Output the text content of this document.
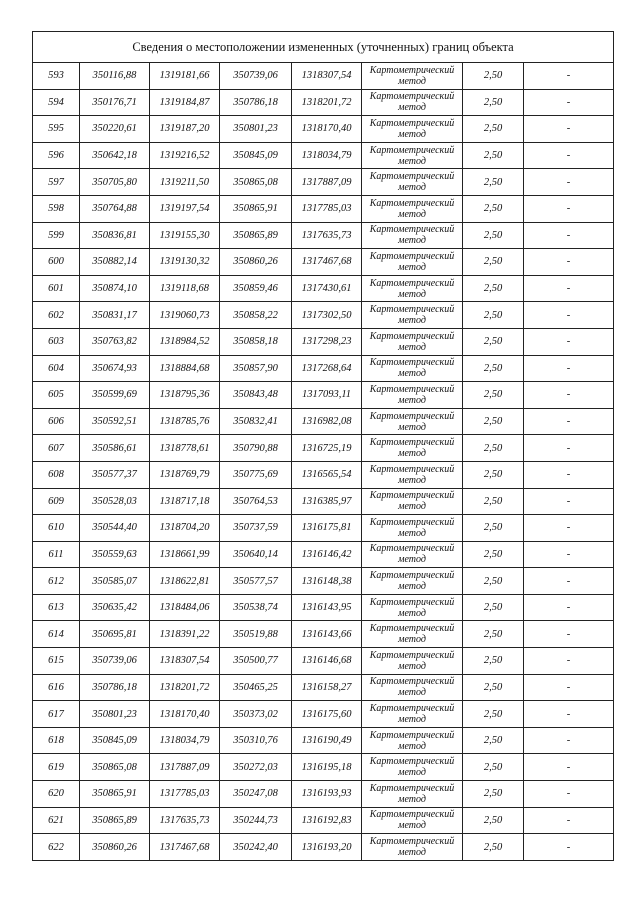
Сведения о местоположении измененных (уточненных) границ объекта							
593	350116,88	1319181,66	350739,06	1318307,54	Картометрический метод	2,50	-
594	350176,71	1319184,87	350786,18	1318201,72	Картометрический метод	2,50	-
595	350220,61	1319187,20	350801,23	1318170,40	Картометрический метод	2,50	-
596	350642,18	1319216,52	350845,09	1318034,79	Картометрический метод	2,50	-
597	350705,80	1319211,50	350865,08	1317887,09	Картометрический метод	2,50	-
598	350764,88	1319197,54	350865,91	1317785,03	Картометрический метод	2,50	-
599	350836,81	1319155,30	350865,89	1317635,73	Картометрический метод	2,50	-
600	350882,14	1319130,32	350860,26	1317467,68	Картометрический метод	2,50	-
601	350874,10	1319118,68	350859,46	1317430,61	Картометрический метод	2,50	-
602	350831,17	1319060,73	350858,22	1317302,50	Картометрический метод	2,50	-
603	350763,82	1318984,52	350858,18	1317298,23	Картометрический метод	2,50	-
604	350674,93	1318884,68	350857,90	1317268,64	Картометрический метод	2,50	-
605	350599,69	1318795,36	350843,48	1317093,11	Картометрический метод	2,50	-
606	350592,51	1318785,76	350832,41	1316982,08	Картометрический метод	2,50	-
607	350586,61	1318778,61	350790,88	1316725,19	Картометрический метод	2,50	-
608	350577,37	1318769,79	350775,69	1316565,54	Картометрический метод	2,50	-
609	350528,03	1318717,18	350764,53	1316385,97	Картометрический метод	2,50	-
610	350544,40	1318704,20	350737,59	1316175,81	Картометрический метод	2,50	-
611	350559,63	1318661,99	350640,14	1316146,42	Картометрический метод	2,50	-
612	350585,07	1318622,81	350577,57	1316148,38	Картометрический метод	2,50	-
613	350635,42	1318484,06	350538,74	1316143,95	Картометрический метод	2,50	-
614	350695,81	1318391,22	350519,88	1316143,66	Картометрический метод	2,50	-
615	350739,06	1318307,54	350500,77	1316146,68	Картометрический метод	2,50	-
616	350786,18	1318201,72	350465,25	1316158,27	Картометрический метод	2,50	-
617	350801,23	1318170,40	350373,02	1316175,60	Картометрический метод	2,50	-
618	350845,09	1318034,79	350310,76	1316190,49	Картометрический метод	2,50	-
619	350865,08	1317887,09	350272,03	1316195,18	Картометрический метод	2,50	-
620	350865,91	1317785,03	350247,08	1316193,93	Картометрический метод	2,50	-
621	350865,89	1317635,73	350244,73	1316192,83	Картометрический метод	2,50	-
622	350860,26	1317467,68	350242,40	1316193,20	Картометрический метод	2,50	-
